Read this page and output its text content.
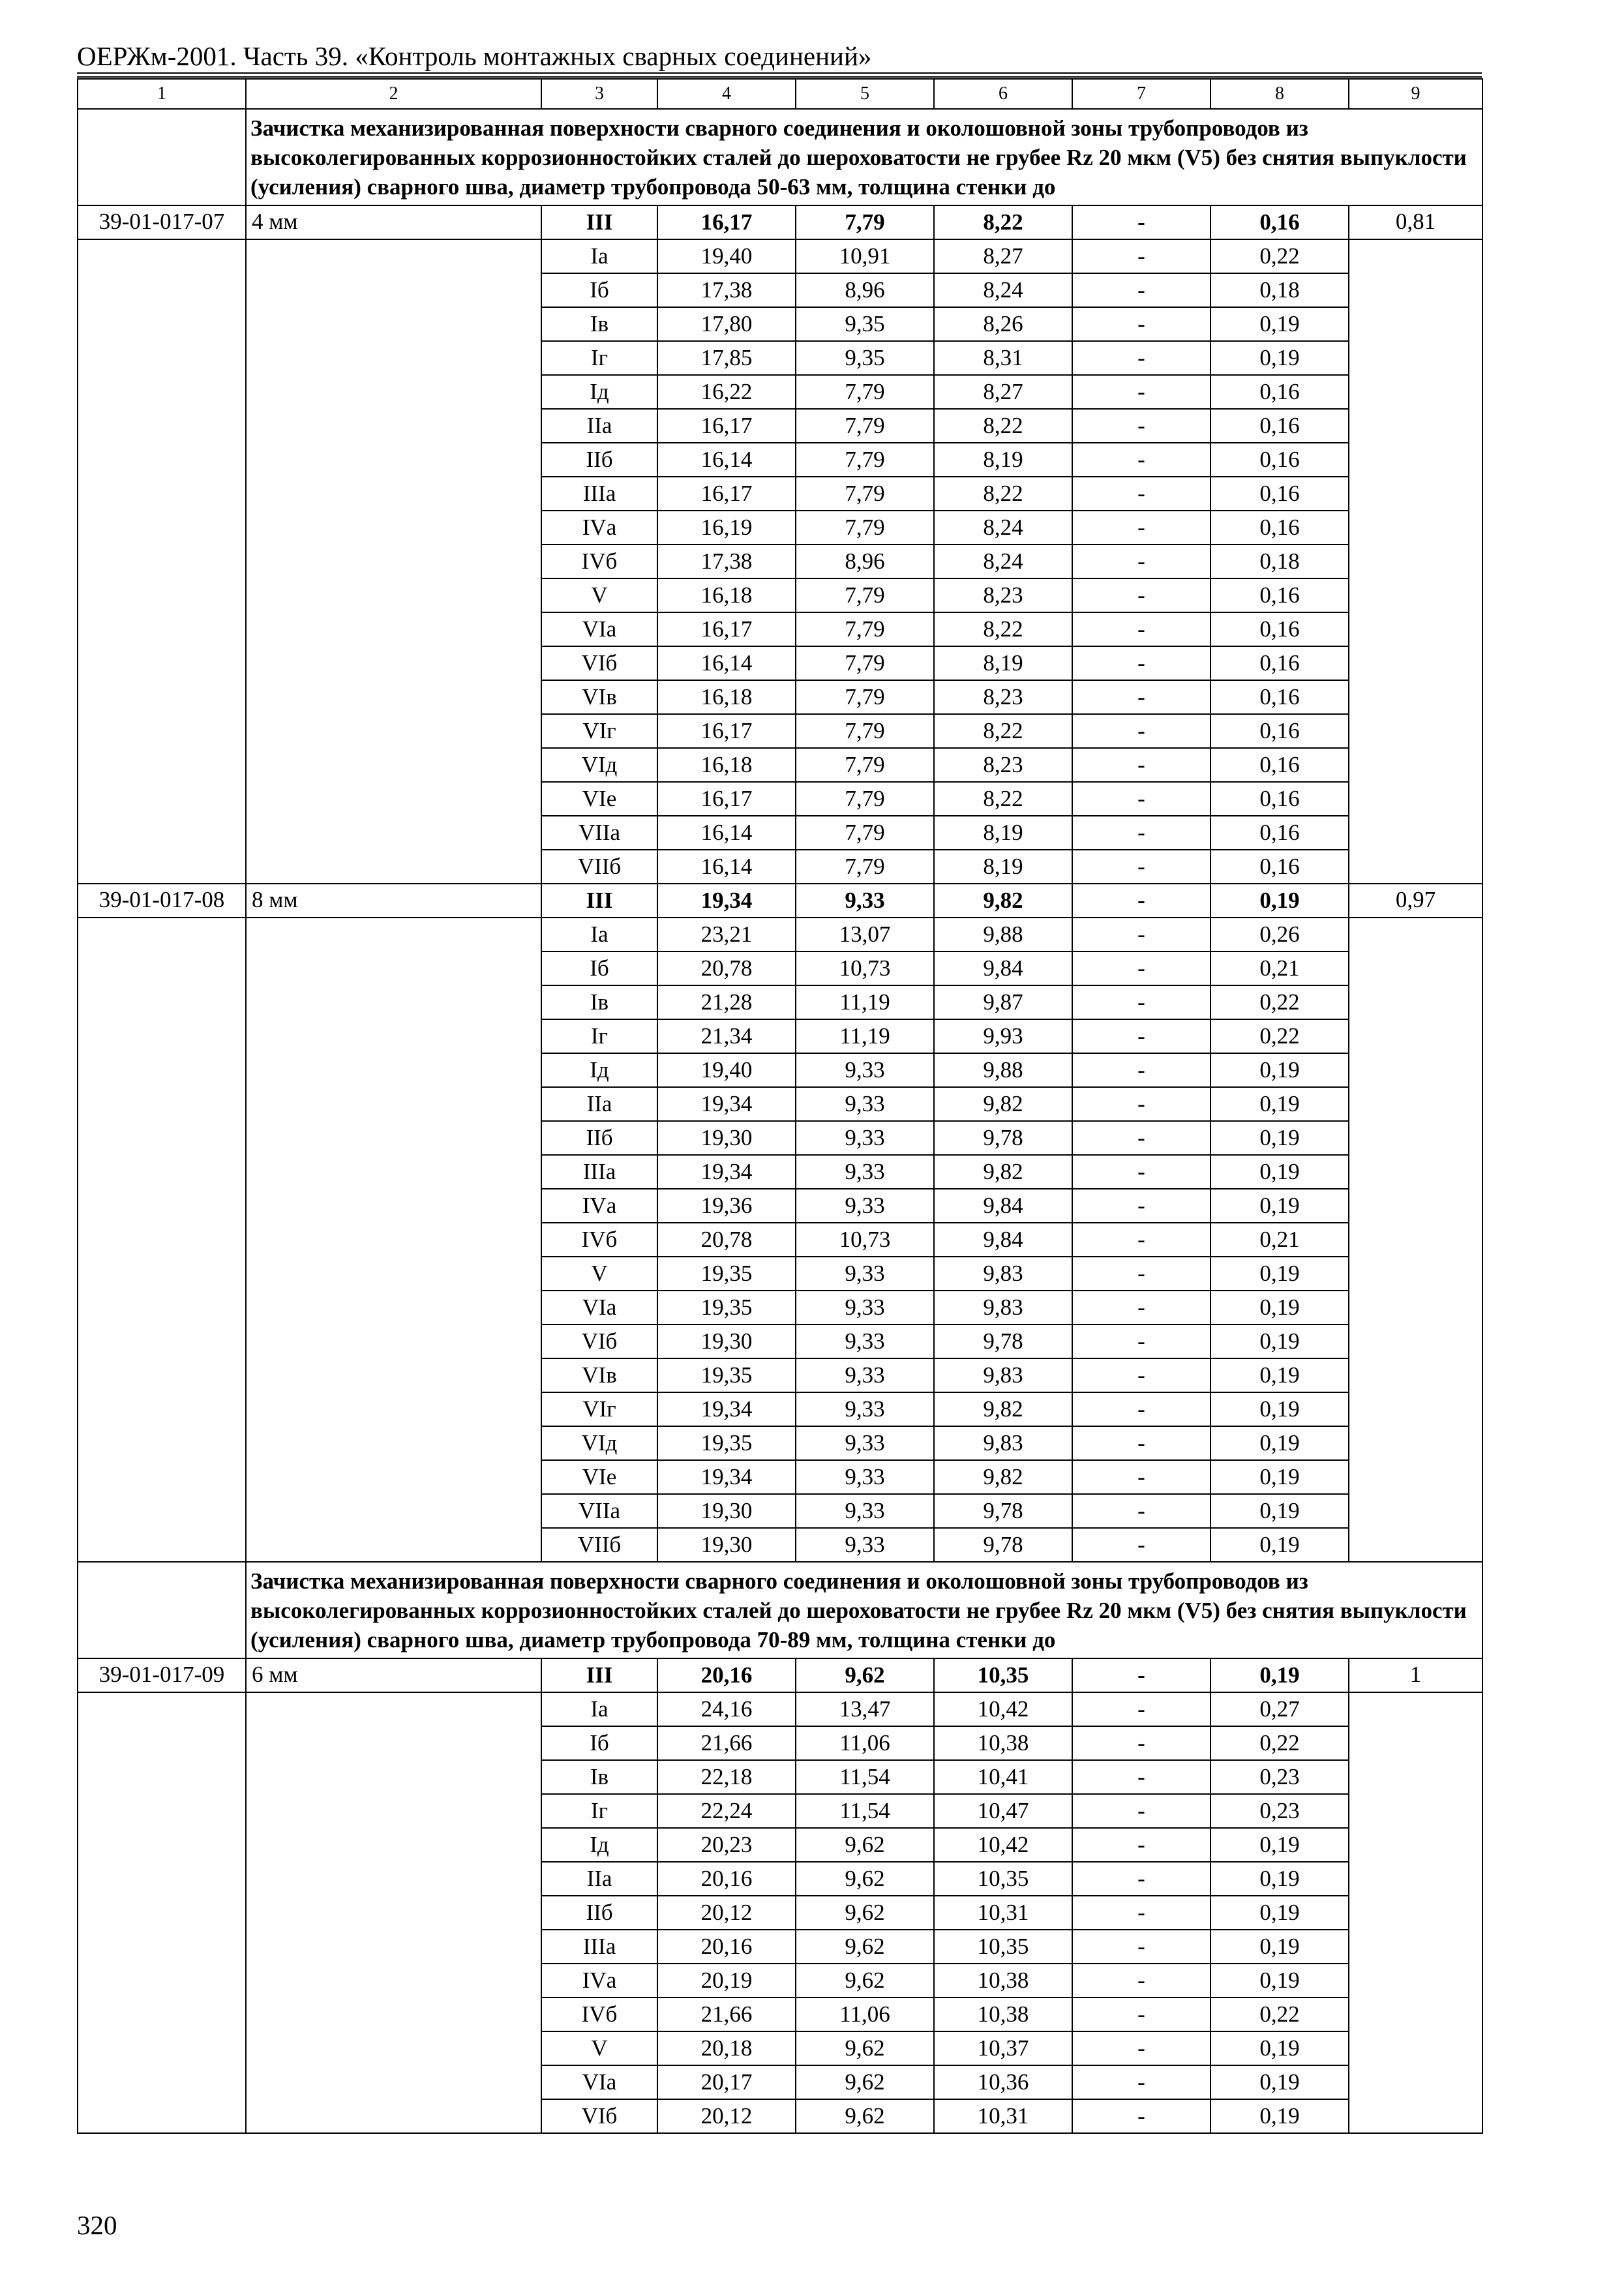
ОЕРЖм-2001. Часть 39. «Контроль монтажных сварных соединений»
1	2	3	4	5	6	7	8	9

	Зачистка механизированная поверхности сварного соединения и околошовной зоны трубопроводов из высоколегированных коррозионностойких сталей до шероховатости не грубее Rz 20 мкм (V5) без снятия выпуклости (усиления) сварного шва, диаметр трубопровода 50-63 мм, толщина стенки до							

39-01-017-07	4 мм	III	16,17	7,79	8,22	-	0,16	0,81
		Iа	19,40	10,91	8,27	-	0,22	
		Iб	17,38	8,96	8,24	-	0,18	
		Iв	17,80	9,35	8,26	-	0,19	
		Iг	17,85	9,35	8,31	-	0,19	
		Iд	16,22	7,79	8,27	-	0,16	
		IIа	16,17	7,79	8,22	-	0,16	
		IIб	16,14	7,79	8,19	-	0,16	
		IIIа	16,17	7,79	8,22	-	0,16	
		IVа	16,19	7,79	8,24	-	0,16	
		IVб	17,38	8,96	8,24	-	0,18	
		V	16,18	7,79	8,23	-	0,16	
		VIа	16,17	7,79	8,22	-	0,16	
		VIб	16,14	7,79	8,19	-	0,16	
		VIв	16,18	7,79	8,23	-	0,16	
		VIг	16,17	7,79	8,22	-	0,16	
		VIд	16,18	7,79	8,23	-	0,16	
		VIе	16,17	7,79	8,22	-	0,16	
		VIIа	16,14	7,79	8,19	-	0,16	
		VIIб	16,14	7,79	8,19	-	0,16	
39-01-017-08	8 мм	III	19,34	9,33	9,82	-	0,19	0,97
		Iа	23,21	13,07	9,88	-	0,26	
		Iб	20,78	10,73	9,84	-	0,21	
		Iв	21,28	11,19	9,87	-	0,22	
		Iг	21,34	11,19	9,93	-	0,22	
		Iд	19,40	9,33	9,88	-	0,19	
		IIа	19,34	9,33	9,82	-	0,19	
		IIб	19,30	9,33	9,78	-	0,19	
		IIIа	19,34	9,33	9,82	-	0,19	
		IVа	19,36	9,33	9,84	-	0,19	
		IVб	20,78	10,73	9,84	-	0,21	
		V	19,35	9,33	9,83	-	0,19	
		VIа	19,35	9,33	9,83	-	0,19	
		VIб	19,30	9,33	9,78	-	0,19	
		VIв	19,35	9,33	9,83	-	0,19	
		VIг	19,34	9,33	9,82	-	0,19	
		VIд	19,35	9,33	9,83	-	0,19	
		VIе	19,34	9,33	9,82	-	0,19	
		VIIа	19,30	9,33	9,78	-	0,19	
		VIIб	19,30	9,33	9,78	-	0,19	

	Зачистка механизированная поверхности сварного соединения и околошовной зоны трубопроводов из высоколегированных коррозионностойких сталей до шероховатости не грубее Rz 20 мкм (V5) без снятия выпуклости (усиления) сварного шва, диаметр трубопровода 70-89 мм, толщина стенки до							

39-01-017-09	6 мм	III	20,16	9,62	10,35	-	0,19	1
		Iа	24,16	13,47	10,42	-	0,27	
		Iб	21,66	11,06	10,38	-	0,22	
		Iв	22,18	11,54	10,41	-	0,23	
		Iг	22,24	11,54	10,47	-	0,23	
		Iд	20,23	9,62	10,42	-	0,19	
		IIа	20,16	9,62	10,35	-	0,19	
		IIб	20,12	9,62	10,31	-	0,19	
		IIIа	20,16	9,62	10,35	-	0,19	
		IVа	20,19	9,62	10,38	-	0,19	
		IVб	21,66	11,06	10,38	-	0,22	
		V	20,18	9,62	10,37	-	0,19	
		VIа	20,17	9,62	10,36	-	0,19	
		VIб	20,12	9,62	10,31	-	0,19	
320
